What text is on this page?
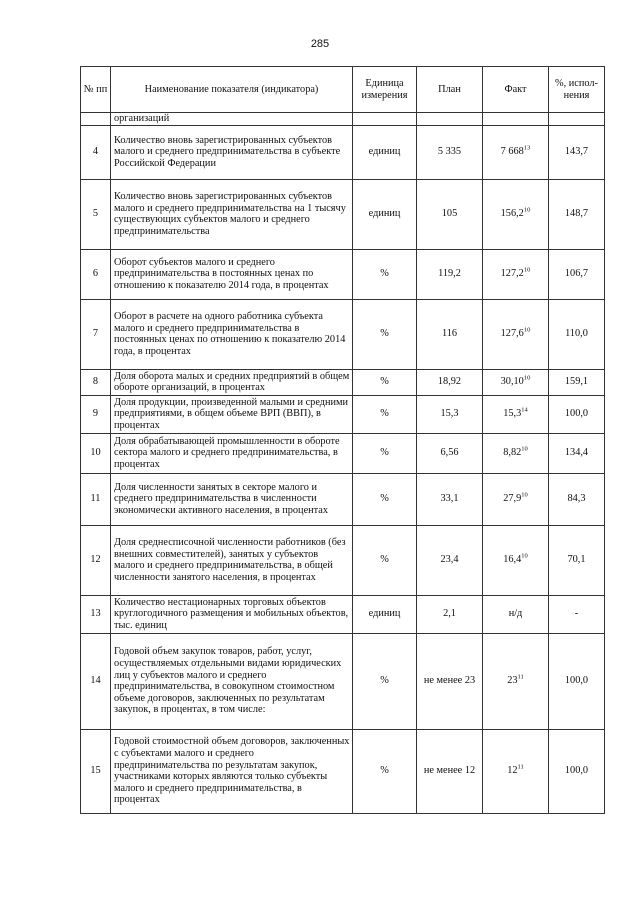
285
№ пп	Наименование показателя (индикатора)	Единица измерения	План	Факт	%, испол-нения
	организаций				
4	Количество вновь зарегистрированных субъектов малого и среднего предпринимательства в субъекте Российской Федерации	единиц	5 335	7 $668^{13}$	143,7
5	Количество вновь зарегистрированных субъектов малого и среднего предпринимательства на 1 тысячу существующих субъектов малого и среднего предпринимательства	единиц	105	156,2$^{10}$	148,7
6	Оборот субъектов малого и среднего предпринимательства в постоянных ценах по отношению к показателю 2014 года, в процентах	%	119,2	127,2$^{10}$	106,7
7	Оборот в расчете на одного работника субъекта малого и среднего предпринимательства в постоянных ценах по отношению к показателю 2014 года, в процентах	%	116	127,6$^{10}$	110,0
8	Доля оборота малых и средних предприятий в общем обороте организаций, в процентах	%	18,92	30,10$^{10}$	159,1
9	Доля продукции, произведенной малыми и средними предприятиями, в общем объеме ВРП (ВВП), в процентах	%	15,3	15,3$^{14}$	100,0
10	Доля обрабатывающей промышленности в обороте сектора малого и среднего предпринимательства, в процентах	%	6,56	8,82$^{10}$	134,4
11	Доля численности занятых в секторе малого и среднего предпринимательства в численности экономически активного населения, в процентах	%	33,1	27,9$^{10}$	84,3
12	Доля среднесписочной численности работников (без внешних совместителей), занятых у субъектов малого и среднего предпринимательства, в общей численности занятого населения, в процентах	%	23,4	16,4$^{10}$	70,1
13	Количество нестационарных торговых объектов круглогодичного размещения и мобильных объектов, тыс. единиц	единиц	2,1	н/д	-
14	Годовой объем закупок товаров, работ, услуг, осуществляемых отдельными видами юридических лиц у субъектов малого и среднего предпринимательства, в совокупном стоимостном объеме договоров, заключенных по результатам закупок, в процентах, в том числе:	%	не менее 23	$23^{11}$	100,0
15	Годовой стоимостной объем договоров, заключенных с субъектами малого и среднего предпринимательства по результатам закупок, участниками которых являются только субъекты малого и среднего предпринимательства, в процентах	%	не менее 12	$12^{11}$	100,0
